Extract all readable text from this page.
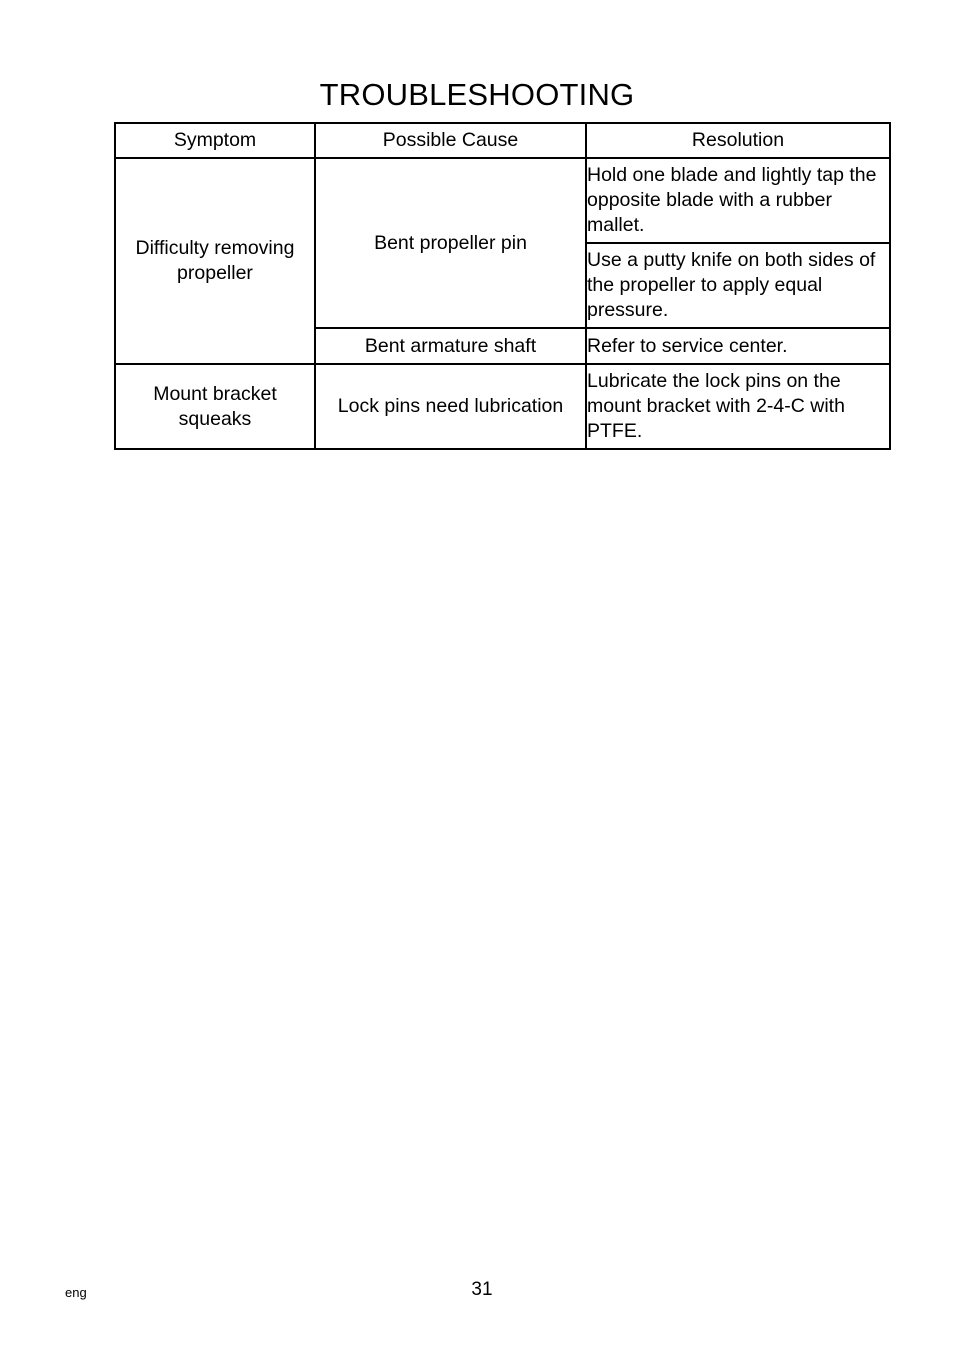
TROUBLESHOOTING
Symptom	Possible Cause	Resolution
Difficulty removing propeller	Bent propeller pin	Hold one blade and lightly tap the opposite blade with a rubber mallet.
		Use a putty knife on both sides of the propeller to apply equal pressure.
	Bent armature shaft	Refer to service center.
Mount bracket squeaks	Lock pins need lubrication	Lubricate the lock pins on the mount bracket with 2-4-C with PTFE.
eng	31
